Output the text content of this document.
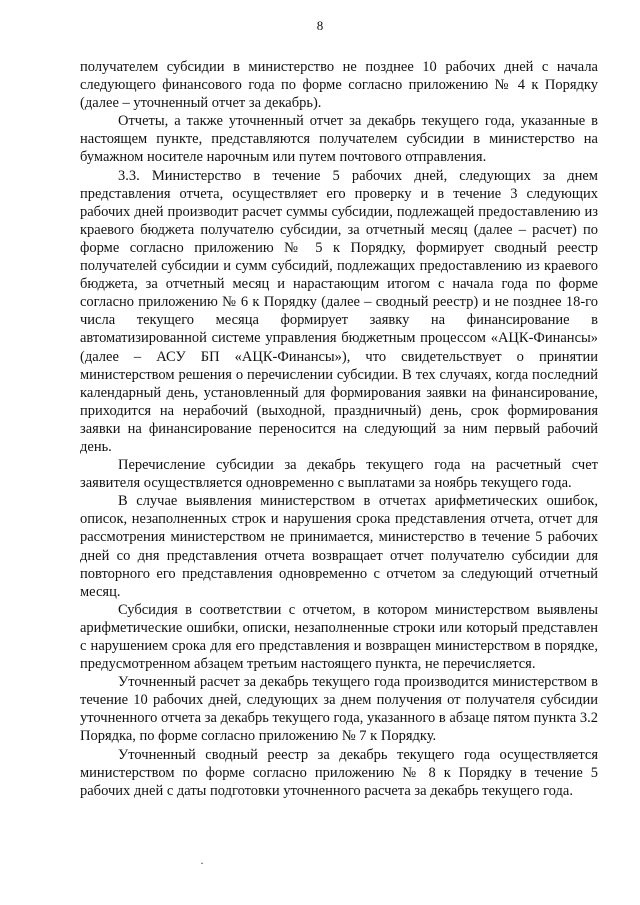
8

получателем субсидии в министерство не позднее 10 рабочих дней с начала следующего финансового года по форме согласно приложению № 4 к Порядку (далее – уточненный отчет за декабрь).

Отчеты, а также уточненный отчет за декабрь текущего года, указанные в настоящем пункте, представляются получателем субсидии в министерство на бумажном носителе нарочным или путем почтового отправления.

3.3. Министерство в течение 5 рабочих дней, следующих за днем представления отчета, осуществляет его проверку и в течение 3 следующих рабочих дней производит расчет суммы субсидии, подлежащей предоставлению из краевого бюджета получателю субсидии, за отчетный месяц (далее – расчет) по форме согласно приложению № 5 к Порядку, формирует сводный реестр получателей субсидии и сумм субсидий, подлежащих предоставлению из краевого бюджета, за отчетный месяц и нарастающим итогом с начала года по форме согласно приложению № 6 к Порядку (далее – сводный реестр) и не позднее 18-го числа текущего месяца формирует заявку на финансирование в автоматизированной системе управления бюджетным процессом «АЦК-Финансы» (далее – АСУ БП «АЦК-Финансы»), что свидетельствует о принятии министерством решения о перечислении субсидии. В тех случаях, когда последний календарный день, установленный для формирования заявки на финансирование, приходится на нерабочий (выходной, праздничный) день, срок формирования заявки на финансирование переносится на следующий за ним первый рабочий день.

Перечисление субсидии за декабрь текущего года на расчетный счет заявителя осуществляется одновременно с выплатами за ноябрь текущего года.

В случае выявления министерством в отчетах арифметических ошибок, описок, незаполненных строк и нарушения срока представления отчета, отчет для рассмотрения министерством не принимается, министерство в течение 5 рабочих дней со дня представления отчета возвращает отчет получателю субсидии для повторного его представления одновременно с отчетом за следующий отчетный месяц.

Субсидия в соответствии с отчетом, в котором министерством выявлены арифметические ошибки, описки, незаполненные строки или который представлен с нарушением срока для его представления и возвращен министерством в порядке, предусмотренном абзацем третьим настоящего пункта, не перечисляется.

Уточненный расчет за декабрь текущего года производится министерством в течение 10 рабочих дней, следующих за днем получения от получателя субсидии уточненного отчета за декабрь текущего года, указанного в абзаце пятом пункта 3.2 Порядка, по форме согласно приложению № 7 к Порядку.

Уточненный сводный реестр за декабрь текущего года осуществляется министерством по форме согласно приложению № 8 к Порядку в течение 5 рабочих дней с даты подготовки уточненного расчета за декабрь текущего года.

·
